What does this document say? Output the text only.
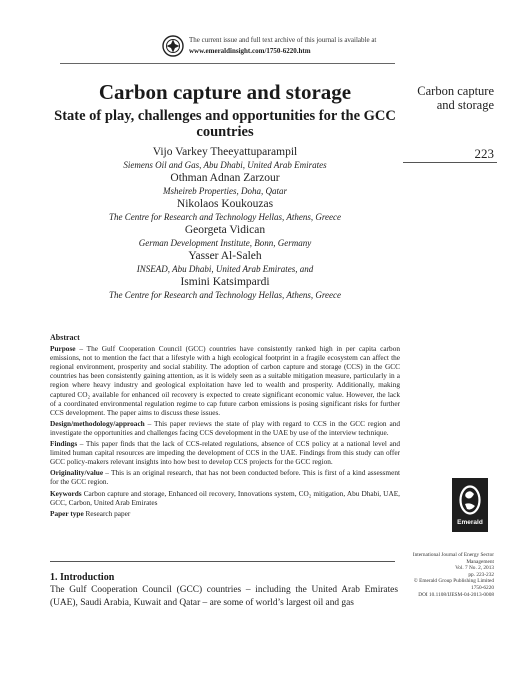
The current issue and full text archive of this journal is available at
www.emeraldinsight.com/1750-6220.htm
Carbon capture and storage
223
Carbon capture and storage
State of play, challenges and opportunities for the GCC countries
Vijo Varkey Theeyattuparampil
Siemens Oil and Gas, Abu Dhabi, United Arab Emirates
Othman Adnan Zarzour
Msheireb Properties, Doha, Qatar
Nikolaos Koukouzas
The Centre for Research and Technology Hellas, Athens, Greece
Georgeta Vidican
German Development Institute, Bonn, Germany
Yasser Al-Saleh
INSEAD, Abu Dhabi, United Arab Emirates, and
Ismini Katsimpardi
The Centre for Research and Technology Hellas, Athens, Greece
Abstract

Purpose – The Gulf Cooperation Council (GCC) countries have consistently ranked high in per capita carbon emissions, not to mention the fact that a lifestyle with a high ecological footprint in a fragile ecosystem can affect the regional environment, prosperity and social stability. The adoption of carbon capture and storage (CCS) in the GCC countries has been consistently gaining attention, as it is widely seen as a suitable mitigation measure, particularly in a region where heavy industry and geological exploitation have led to wealth and prosperity. Additionally, making captured CO₂ available for enhanced oil recovery is expected to create significant economic value. However, the lack of a coordinated environmental regulation regime to cap future carbon emissions is posing significant risks for further CCS development. The paper aims to discuss these issues.

Design/methodology/approach – This paper reviews the state of play with regard to CCS in the GCC region and investigate the opportunities and challenges facing CCS development in the UAE by use of the interview technique.

Findings – This paper finds that the lack of CCS-related regulations, absence of CCS policy at a national level and limited human capital resources are impeding the development of CCS in the UAE. Findings from this study can offer GCC policy-makers relevant insights into how best to develop CCS projects for the GCC region.

Originality/value – This is an original research, that has not been conducted before. This is first of a kind assessment for the GCC region.

Keywords Carbon capture and storage, Enhanced oil recovery, Innovations system, CO₂ mitigation, Abu Dhabi, UAE, GCC, Carbon, United Arab Emirates

Paper type Research paper

Emerald
International Journal of Energy Sector
Management
Vol. 7 No. 2, 2013
pp. 223-232
© Emerald Group Publishing Limited
1750-6220
DOI 10.1108/IJESM-04-2013-0008
1. Introduction
The Gulf Cooperation Council (GCC) countries – including the United Arab Emirates (UAE), Saudi Arabia, Kuwait and Qatar – are some of world’s largest oil and gas
